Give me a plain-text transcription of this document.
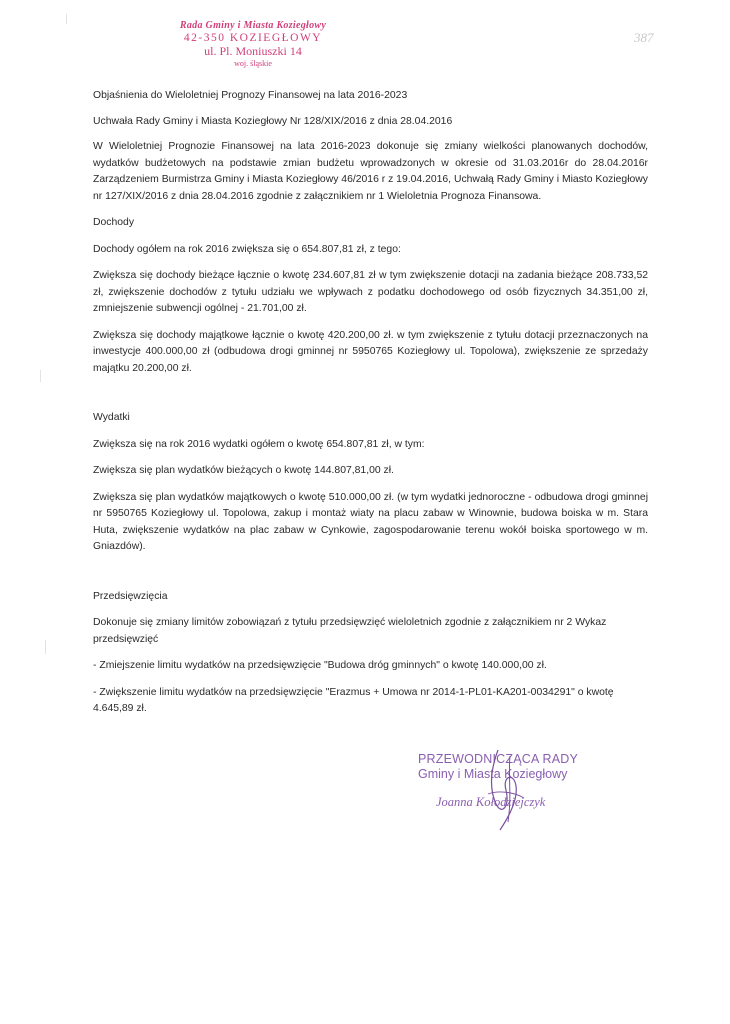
Rada Gminy i Miasta Koziegłowy
42-350 KOZIEGŁOWY
ul. Pl. Moniuszki 14
woj. śląskie
387

Objaśnienia do Wieloletniej Prognozy Finansowej na lata 2016-2023

Uchwała Rady Gminy i Miasta Koziegłowy Nr 128/XIX/2016 z dnia 28.04.2016

W Wieloletniej Prognozie Finansowej na lata 2016-2023 dokonuje się zmiany wielkości planowanych dochodów, wydatków budżetowych na podstawie zmian budżetu wprowadzonych w okresie od 31.03.2016r do 28.04.2016r Zarządzeniem Burmistrza Gminy i Miasta Koziegłowy 46/2016 r z 19.04.2016, Uchwałą Rady Gminy i Miasto Koziegłowy nr 127/XIX/2016 z dnia 28.04.2016 zgodnie z załącznikiem nr 1 Wieloletnia Prognoza Finansowa.

Dochody

Dochody ogółem na rok 2016 zwiększa się o 654.807,81 zł, z tego:

Zwiększa się dochody bieżące łącznie o kwotę 234.607,81 zł w tym zwiększenie dotacji na zadania bieżące 208.733,52 zł, zwiększenie dochodów z tytułu udziału we wpływach z podatku dochodowego od osób fizycznych 34.351,00 zł, zmniejszenie subwencji ogólnej - 21.701,00 zł.

Zwiększa się dochody majątkowe łącznie o kwotę 420.200,00 zł. w tym zwiększenie z tytułu dotacji przeznaczonych na inwestycje 400.000,00 zł (odbudowa drogi gminnej nr 5950765 Koziegłowy ul. Topolowa), zwiększenie ze sprzedaży majątku 20.200,00 zł.

Wydatki

Zwiększa się na rok 2016 wydatki ogółem o kwotę 654.807,81 zł, w tym:

Zwiększa się plan wydatków bieżących o kwotę 144.807,81,00 zł.

Zwiększa się plan wydatków majątkowych o kwotę 510.000,00 zł. (w tym wydatki jednoroczne - odbudowa drogi gminnej nr 5950765 Koziegłowy ul. Topolowa, zakup i montaż wiaty na placu zabaw w Winownie, budowa boiska w m. Stara Huta, zwiększenie wydatków na plac zabaw w Cynkowie, zagospodarowanie terenu wokół boiska sportowego w m. Gniazdów).

Przedsięwzięcia

Dokonuje się zmiany limitów zobowiązań z tytułu przedsięwzięć wieloletnich zgodnie z załącznikiem nr 2 Wykaz przedsięwzięć

- Zmiejszenie limitu wydatków na przedsięwzięcie "Budowa dróg gminnych" o kwotę 140.000,00 zł.

- Zwiększenie limitu wydatków na przedsięwzięcie "Erazmus + Umowa nr 2014-1-PL01-KA201-0034291" o kwotę 4.645,89 zł.

PRZEWODNICZĄCA RADY
Gminy i Miasta Koziegłowy
Joanna Kołodziejczyk
